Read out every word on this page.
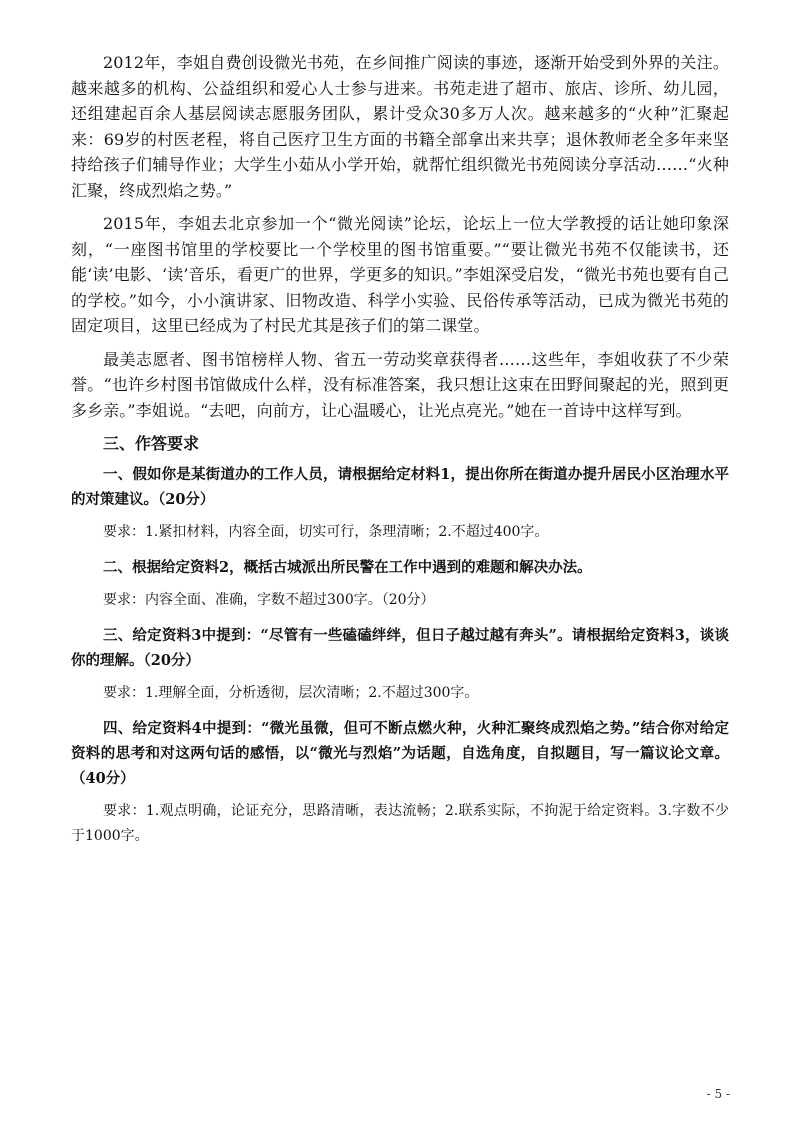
2012年，李姐自费创设微光书苑，在乡间推广阅读的事迹，逐渐开始受到外界的关注。越来越多的机构、公益组织和爱心人士参与进来。书苑走进了超市、旅店、诊所、幼儿园，还组建起百余人基层阅读志愿服务团队，累计受众30多万人次。越来越多的“火种”汇聚起来：69岁的村医老程，将自己医疗卫生方面的书籍全部拿出来共享；退休教师老全多年来坚持给孩子们辅导作业；大学生小茹从小学开始，就帮忙组织微光书苑阅读分享活动……“火种汇聚，终成烈焰之势。”

2015年，李姐去北京参加一个“微光阅读”论坛，论坛上一位大学教授的话让她印象深刻，“一座图书馆里的学校要比一个学校里的图书馆重要。”“要让微光书苑不仅能读书，还能‘读’电影、‘读’音乐，看更广的世界，学更多的知识。”李姐深受启发，“微光书苑也要有自己的学校。”如今，小小演讲家、旧物改造、科学小实验、民俗传承等活动，已成为微光书苑的固定项目，这里已经成为了村民尤其是孩子们的第二课堂。

最美志愿者、图书馆榜样人物、省五一劳动奖章获得者……这些年，李姐收获了不少荣誉。“也许乡村图书馆做成什么样，没有标准答案，我只想让这束在田野间聚起的光，照到更多乡亲。”李姐说。“去吧，向前方，让心温暖心，让光点亮光。”她在一首诗中这样写到。

三、作答要求

一、假如你是某街道办的工作人员，请根据给定材料1，提出你所在街道办提升居民小区治理水平的对策建议。（20分）

要求：1.紧扣材料，内容全面，切实可行，条理清晰；2.不超过400字。

二、根据给定资料2，概括古城派出所民警在工作中遇到的难题和解决办法。

要求：内容全面、准确，字数不超过300字。（20分）

三、给定资料3中提到：“尽管有一些磕磕绊绊，但日子越过越有奔头”。请根据给定资料3，谈谈你的理解。（20分）

要求：1.理解全面，分析透彻，层次清晰；2.不超过300字。

四、给定资料4中提到：“微光虽微，但可不断点燃火种，火种汇聚终成烈焰之势。”结合你对给定资料的思考和对这两句话的感悟，以“微光与烈焰”为话题，自选角度，自拟题目，写一篇议论文章。（40分）

要求：1.观点明确，论证充分，思路清晰，表达流畅；2.联系实际，不拘泥于给定资料。3.字数不少于1000字。

- 5 -
